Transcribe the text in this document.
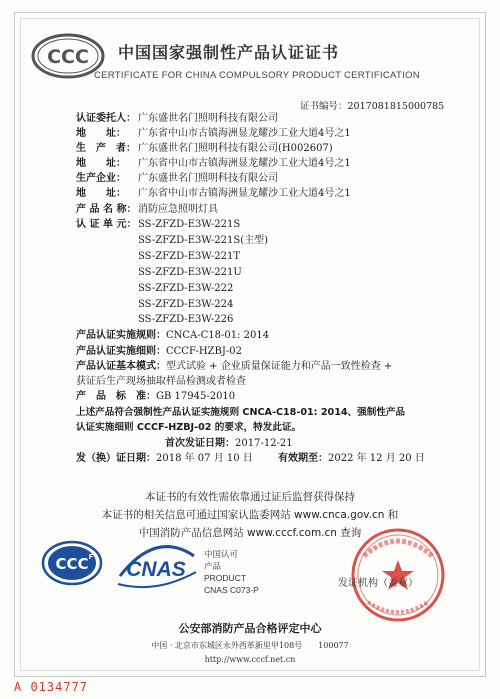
CCC 中国国家强制性产品认证证书
CERTIFICATE FOR CHINA COMPULSORY PRODUCT CERTIFICATION
证书编号：2017081815000785
认证委托人： 广东盛世名门照明科技有限公司
地　　址： 广东省中山市古镇海洲显龙耀沙工业大道4号之1
生　产　者： 广东盛世名门照明科技有限公司(H002607)
地　　址： 广东省中山市古镇海洲显龙耀沙工业大道4号之1
生产企业： 广东盛世名门照明科技有限公司
地　　址： 广东省中山市古镇海洲显龙耀沙工业大道4号之1
产 品 名 称： 消防应急照明灯具
认 证 单 元： SS-ZFZD-E3W-221S
SS-ZFZD-E3W-221S(主型)
SS-ZFZD-E3W-221T
SS-ZFZD-E3W-221U
SS-ZFZD-E3W-222
SS-ZFZD-E3W-224
SS-ZFZD-E3W-226
产品认证实施规则：CNCA-C18-01: 2014
产品认证实施细则：CCCF-HZBJ-02
产品认证基本模式：型式试验 + 企业质量保证能力和产品一致性检查 +
获证后生产现场抽取样品检测或者检查
产　品　标　准：GB 17945-2010
上述产品符合强制性产品认证实施规则 CNCA-C18-01: 2014、强制性产品
认证实施细则 CCCF-HZBJ-02 的要求，特发此证。
首次发证日期：2017-12-21
发（换）证日期：2018 年 07 月 10 日	有效期至：2022 年 12 月 20 日
本证书的有效性需依靠通过证后监督获得保持
本证书的相关信息可通过国家认监委网站 www.cnca.gov.cn 和
中国消防产品信息网站 www.cccf.com.cn 查询
CCC F
CNAS
中国认可
产品
PRODUCT
CNAS C073-P
发证机构（盖章）
公安部消防产品合格评定中心
中国 · 北京市东城区永外西革新里甲108号　　100077
http://www.cccf.net.cn
A 0134777
